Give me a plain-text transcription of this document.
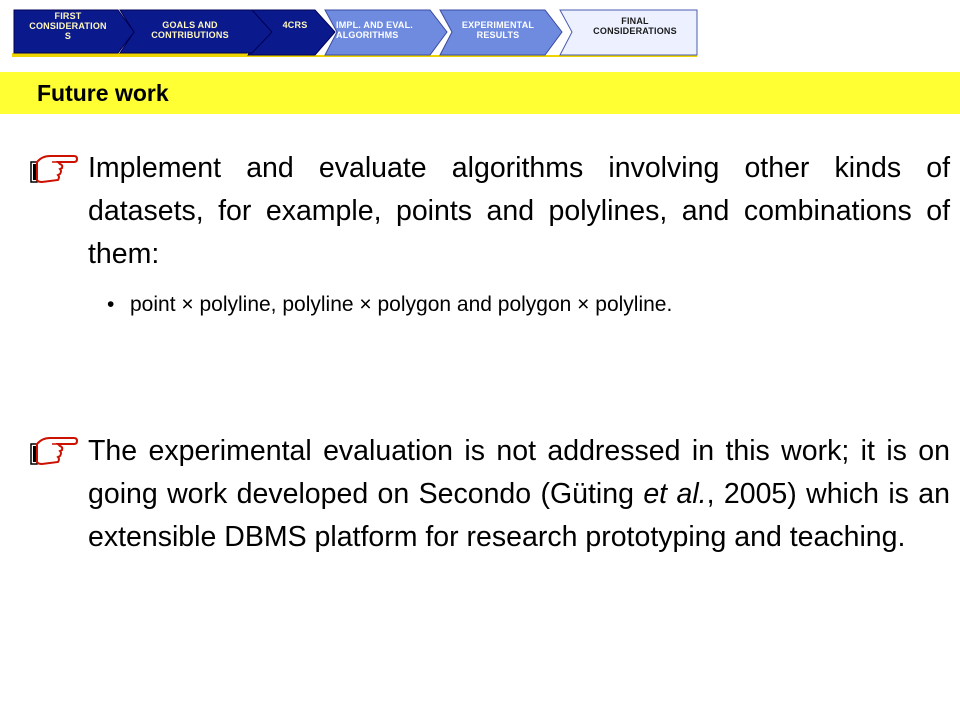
FIRST
CONSIDERATION
S
GOALS AND
CONTRIBUTIONS
4CRS	IMPL. AND EVAL.
ALGORITHMS
EXPERIMENTAL
RESULTS
FINAL
CONSIDERATIONS
Future work
Implement and evaluate algorithms involving other kinds of datasets, for example, points and polylines, and combinations of them:
• point × polyline, polyline × polygon and polygon × polyline.
The experimental evaluation is not addressed in this work; it is on going work developed on Secondo (Güting et al., 2005) which is an extensible DBMS platform for research prototyping and teaching.
